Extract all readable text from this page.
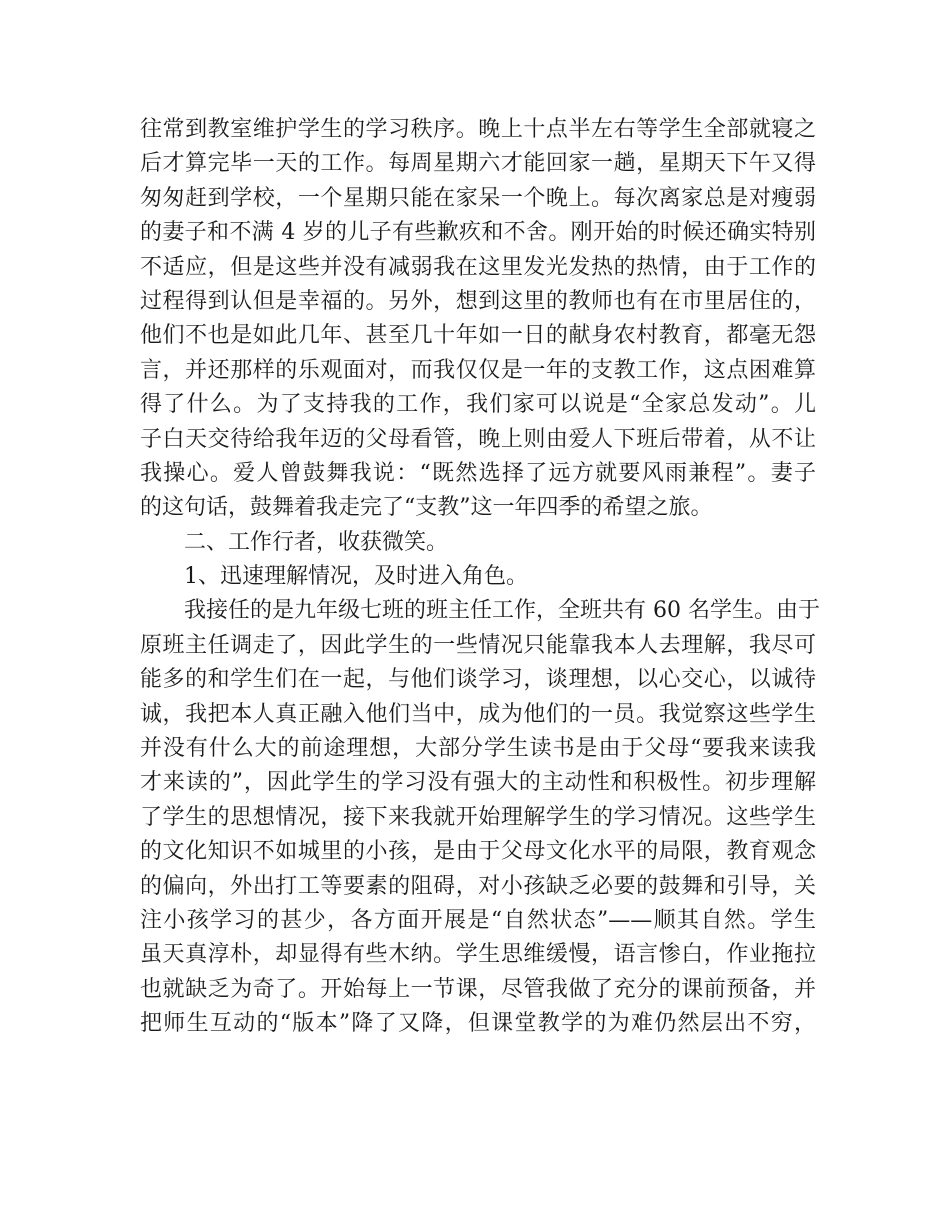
往常到教室维护学生的学习秩序。晚上十点半左右等学生全部就寝之
后才算完毕一天的工作。每周星期六才能回家一趟，星期天下午又得
匆匆赶到学校，一个星期只能在家呆一个晚上。每次离家总是对瘦弱
的妻子和不满 4 岁的儿子有些歉疚和不舍。刚开始的时候还确实特别
不适应，但是这些并没有减弱我在这里发光发热的热情，由于工作的
过程得到认但是幸福的。另外，想到这里的教师也有在市里居住的，
他们不也是如此几年、甚至几十年如一日的献身农村教育，都毫无怨
言，并还那样的乐观面对，而我仅仅是一年的支教工作，这点困难算
得了什么。为了支持我的工作，我们家可以说是“全家总发动”。儿
子白天交待给我年迈的父母看管，晚上则由爱人下班后带着，从不让
我操心。爱人曾鼓舞我说：“既然选择了远方就要风雨兼程”。妻子
的这句话，鼓舞着我走完了“支教”这一年四季的希望之旅。
二、工作行者，收获微笑。
1、迅速理解情况，及时进入角色。
我接任的是九年级七班的班主任工作，全班共有 60 名学生。由于
原班主任调走了，因此学生的一些情况只能靠我本人去理解，我尽可
能多的和学生们在一起，与他们谈学习，谈理想，以心交心，以诚待
诚，我把本人真正融入他们当中，成为他们的一员。我觉察这些学生
并没有什么大的前途理想，大部分学生读书是由于父母“要我来读我
才来读的”，因此学生的学习没有强大的主动性和积极性。初步理解
了学生的思想情况，接下来我就开始理解学生的学习情况。这些学生
的文化知识不如城里的小孩，是由于父母文化水平的局限，教育观念
的偏向，外出打工等要素的阻碍，对小孩缺乏必要的鼓舞和引导，关
注小孩学习的甚少，各方面开展是“自然状态”——顺其自然。学生
虽天真淳朴，却显得有些木纳。学生思维缓慢，语言惨白，作业拖拉
也就缺乏为奇了。开始每上一节课，尽管我做了充分的课前预备，并
把师生互动的“版本”降了又降，但课堂教学的为难仍然层出不穷，
